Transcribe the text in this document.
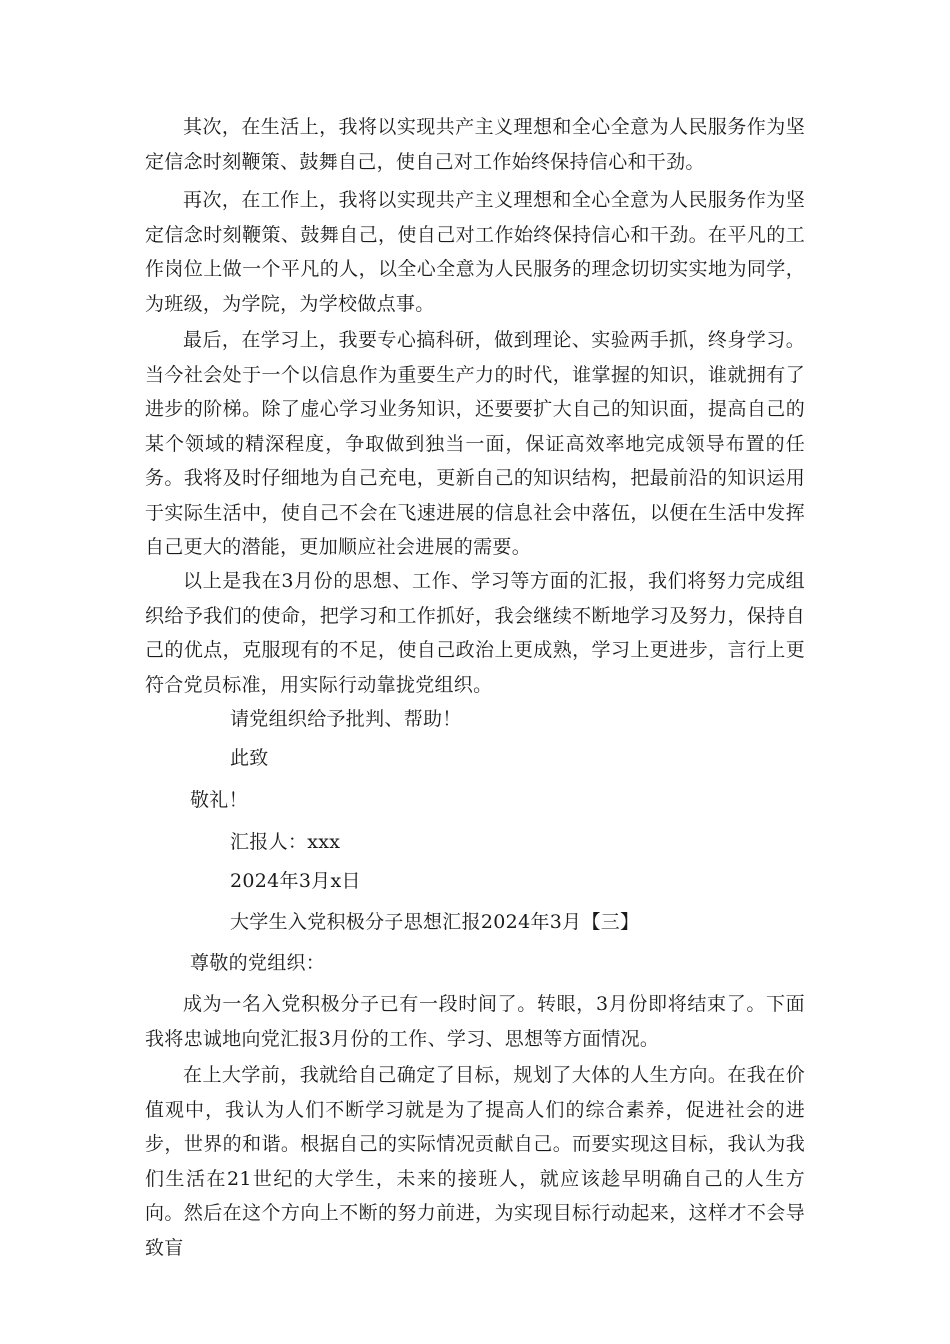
其次，在生活上，我将以实现共产主义理想和全心全意为人民服务作为坚定信念时刻鞭策、鼓舞自己，使自己对工作始终保持信心和干劲。

再次，在工作上，我将以实现共产主义理想和全心全意为人民服务作为坚定信念时刻鞭策、鼓舞自己，使自己对工作始终保持信心和干劲。在平凡的工作岗位上做一个平凡的人，以全心全意为人民服务的理念切切实实地为同学，为班级，为学院，为学校做点事。

最后，在学习上，我要专心搞科研，做到理论、实验两手抓，终身学习。当今社会处于一个以信息作为重要生产力的时代，谁掌握的知识，谁就拥有了进步的阶梯。除了虚心学习业务知识，还要要扩大自己的知识面，提高自己的某个领域的精深程度，争取做到独当一面，保证高效率地完成领导布置的任务。我将及时仔细地为自己充电，更新自己的知识结构，把最前沿的知识运用于实际生活中，使自己不会在飞速进展的信息社会中落伍，以便在生活中发挥自己更大的潜能，更加顺应社会进展的需要。

以上是我在3月份的思想、工作、学习等方面的汇报，我们将努力完成组织给予我们的使命，把学习和工作抓好，我会继续不断地学习及努力，保持自己的优点，克服现有的不足，使自己政治上更成熟，学习上更进步，言行上更符合党员标准，用实际行动靠拢党组织。

请党组织给予批判、帮助！

此致

敬礼！

汇报人：xxx

2024年3月x日

大学生入党积极分子思想汇报2024年3月【三】

尊敬的党组织：

成为一名入党积极分子已有一段时间了。转眼，3月份即将结束了。下面我将忠诚地向党汇报3月份的工作、学习、思想等方面情况。

在上大学前，我就给自己确定了目标，规划了大体的人生方向。在我在价值观中，我认为人们不断学习就是为了提高人们的综合素养，促进社会的进步，世界的和谐。根据自己的实际情况贡献自己。而要实现这目标，我认为我们生活在21世纪的大学生，未来的接班人，就应该趁早明确自己的人生方向。然后在这个方向上不断的努力前进，为实现目标行动起来，这样才不会导致盲
